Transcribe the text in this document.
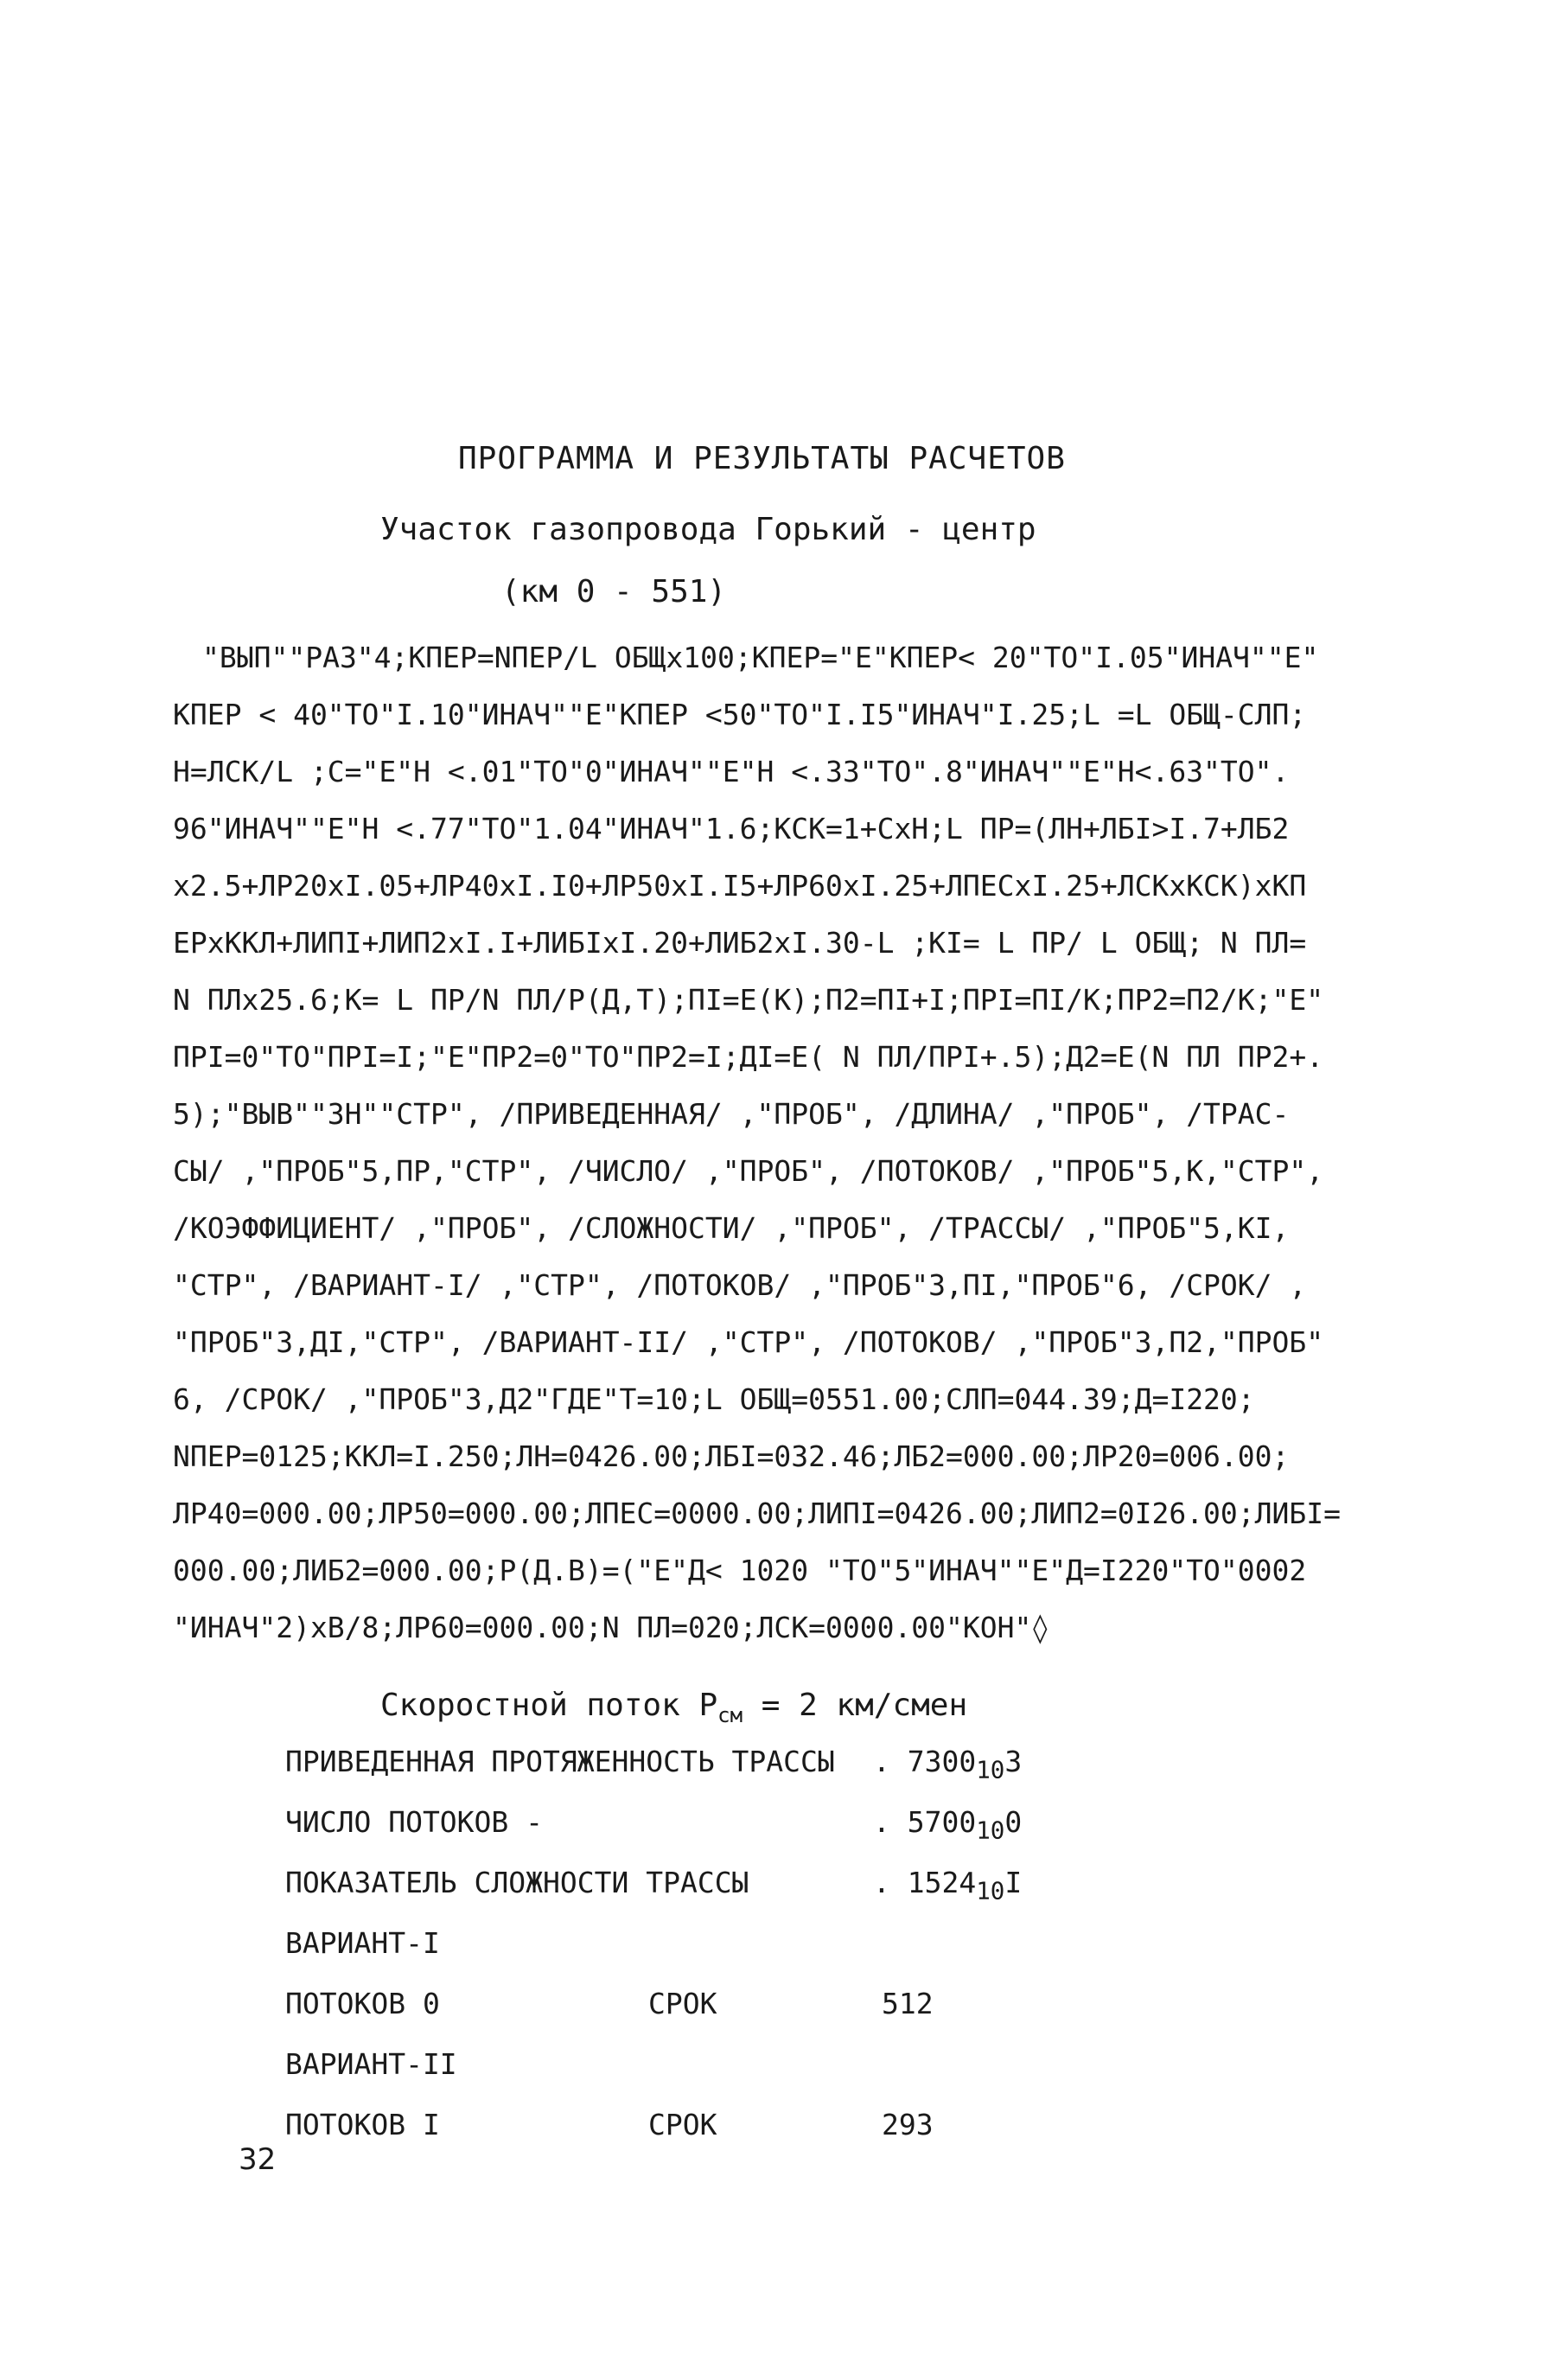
ПРОГРАММА И РЕЗУЛЬТАТЫ РАСЧЕТОВ
Участок газопровода Горький - центр
(км 0 - 551)
"ВЫП""РАЗ"4;КПЕР=NПЕР/L ОБЩх100;КПЕР="Е"КПЕР< 20"ТО"I.05"ИНАЧ""Е"
КПЕР < 40"ТО"I.10"ИНАЧ""Е"КПЕР <50"ТО"I.I5"ИНАЧ"I.25;L =L ОБЩ-СЛП;
Н=ЛСК/L ;С="Е"Н <.01"ТО"0"ИНАЧ""Е"Н <.33"ТО".8"ИНАЧ""Е"Н<.63"ТО".
96"ИНАЧ""Е"Н <.77"ТО"1.04"ИНАЧ"1.6;КСК=1+СхН;L ПР=(ЛН+ЛБI>I.7+ЛБ2
х2.5+ЛР20хI.05+ЛР40хI.I0+ЛР50хI.I5+ЛР60хI.25+ЛПЕСхI.25+ЛСКхКСК)хКП
ЕРхККЛ+ЛИПI+ЛИП2хI.I+ЛИБIхI.20+ЛИБ2хI.30-L ;КI= L ПР/ L ОБЩ; N ПЛ=
N ПЛх25.6;К= L ПР/N ПЛ/Р(Д,Т);ПI=Е(К);П2=ПI+I;ПРI=ПI/К;ПР2=П2/К;"Е"
ПРI=0"ТО"ПРI=I;"Е"ПР2=0"ТО"ПР2=I;ДI=Е( N ПЛ/ПРI+.5);Д2=Е(N ПЛ ПР2+.
5);"ВЫВ""ЗН""СТР", /ПРИВЕДЕННАЯ/ ,"ПРОБ", /ДЛИНА/ ,"ПРОБ", /ТРАС-
СЫ/ ,"ПРОБ"5,ПР,"СТР", /ЧИСЛО/ ,"ПРОБ", /ПОТОКОВ/ ,"ПРОБ"5,К,"СТР",
/КОЭФФИЦИЕНТ/ ,"ПРОБ", /СЛОЖНОСТИ/ ,"ПРОБ", /ТРАССЫ/ ,"ПРОБ"5,КI,
"СТР", /ВАРИАНТ-I/ ,"СТР", /ПОТОКОВ/ ,"ПРОБ"3,ПI,"ПРОБ"6, /СРОК/ ,
"ПРОБ"3,ДI,"СТР", /ВАРИАНТ-II/ ,"СТР", /ПОТОКОВ/ ,"ПРОБ"3,П2,"ПРОБ"
6, /СРОК/ ,"ПРОБ"3,Д2"ГДЕ"Т=10;L ОБЩ=0551.00;СЛП=044.39;Д=I220;
NПЕР=0125;ККЛ=I.250;ЛН=0426.00;ЛБI=032.46;ЛБ2=000.00;ЛР20=006.00;
ЛР40=000.00;ЛР50=000.00;ЛПЕС=0000.00;ЛИПI=0426.00;ЛИП2=0I26.00;ЛИБI=
000.00;ЛИБ2=000.00;Р(Д.В)=("Е"Д< 1020 "ТО"5"ИНАЧ""Е"Д=I220"ТО"0002
"ИНАЧ"2)хВ/8;ЛР60=000.00;N ПЛ=020;ЛСК=0000.00"КОН"◊
Скоростной поток $Р_{см} = 2$ км/смен
ПРИВЕДЕННАЯ ПРОТЯЖЕННОСТЬ ТРАССЫ . $7300_{10}3$
ЧИСЛО ПОТОКОВ -	. $5700_{10}0$
ПОКАЗАТЕЛЬ СЛОЖНОСТИ ТРАССЫ	. $1524_{10}I$
ВАРИАНТ-I
ПОТОКОВ 0	СРОК	512
ВАРИАНТ-II
ПОТОКОВ I	СРОК	293
32
